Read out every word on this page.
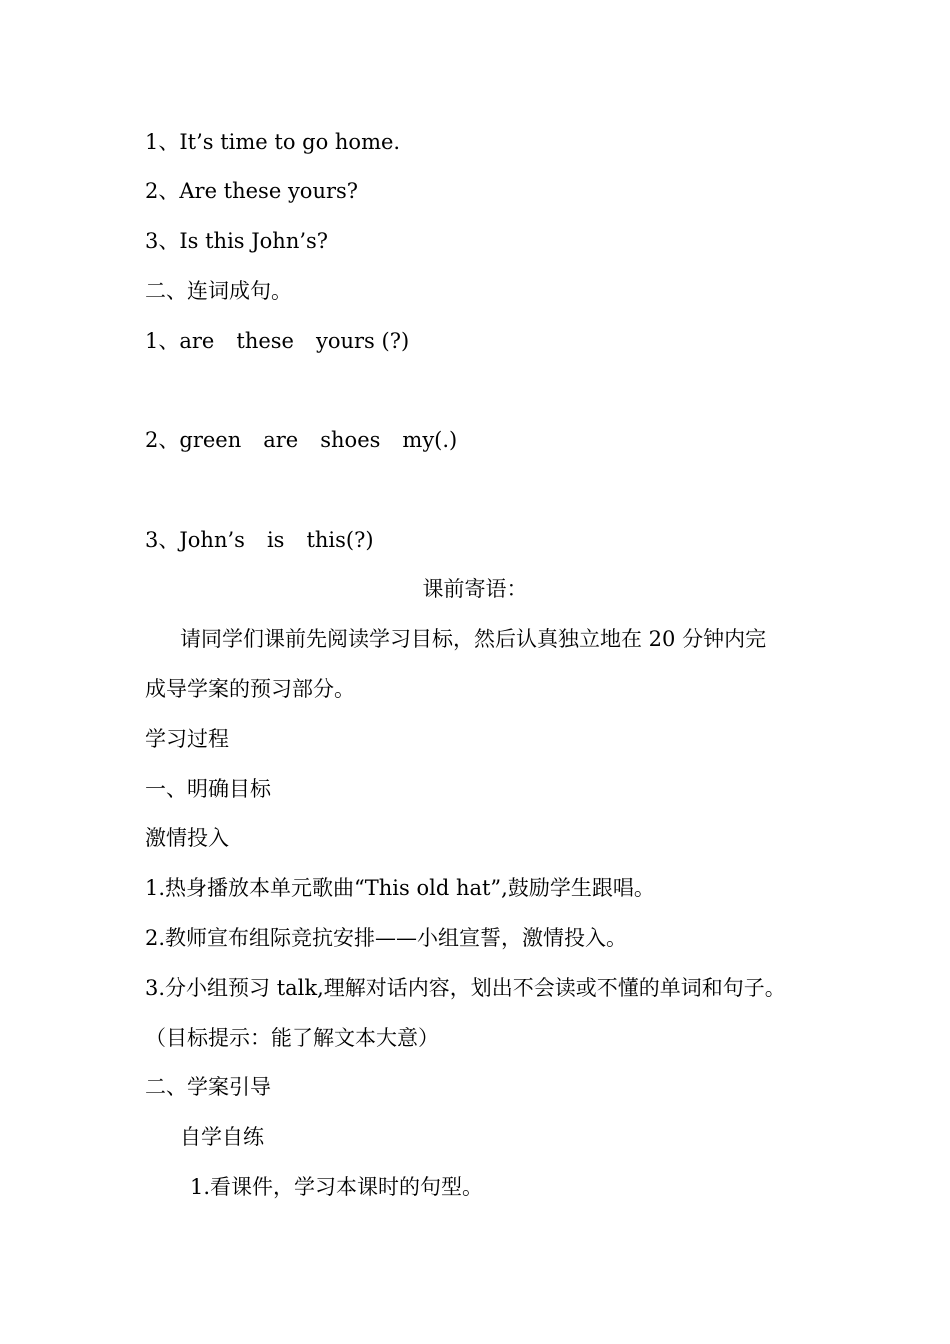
1、It’s time to go home.
2、Are these yours?
3、Is this John’s?
二、连词成句。
1、are these yours (?)
2、green are shoes my(.)
3、John’s is this(?)
课前寄语：
请同学们课前先阅读学习目标，然后认真独立地在 20 分钟内完
成导学案的预习部分。
学习过程
一、明确目标
激情投入
1.热身播放本单元歌曲“This old hat”,鼓励学生跟唱。
2.教师宣布组际竞抗安排——小组宣誓，激情投入。
3.分小组预习 talk,理解对话内容，划出不会读或不懂的单词和句子。
（目标提示：能了解文本大意）
二、学案引导
自学自练
1.看课件，学习本课时的句型。
